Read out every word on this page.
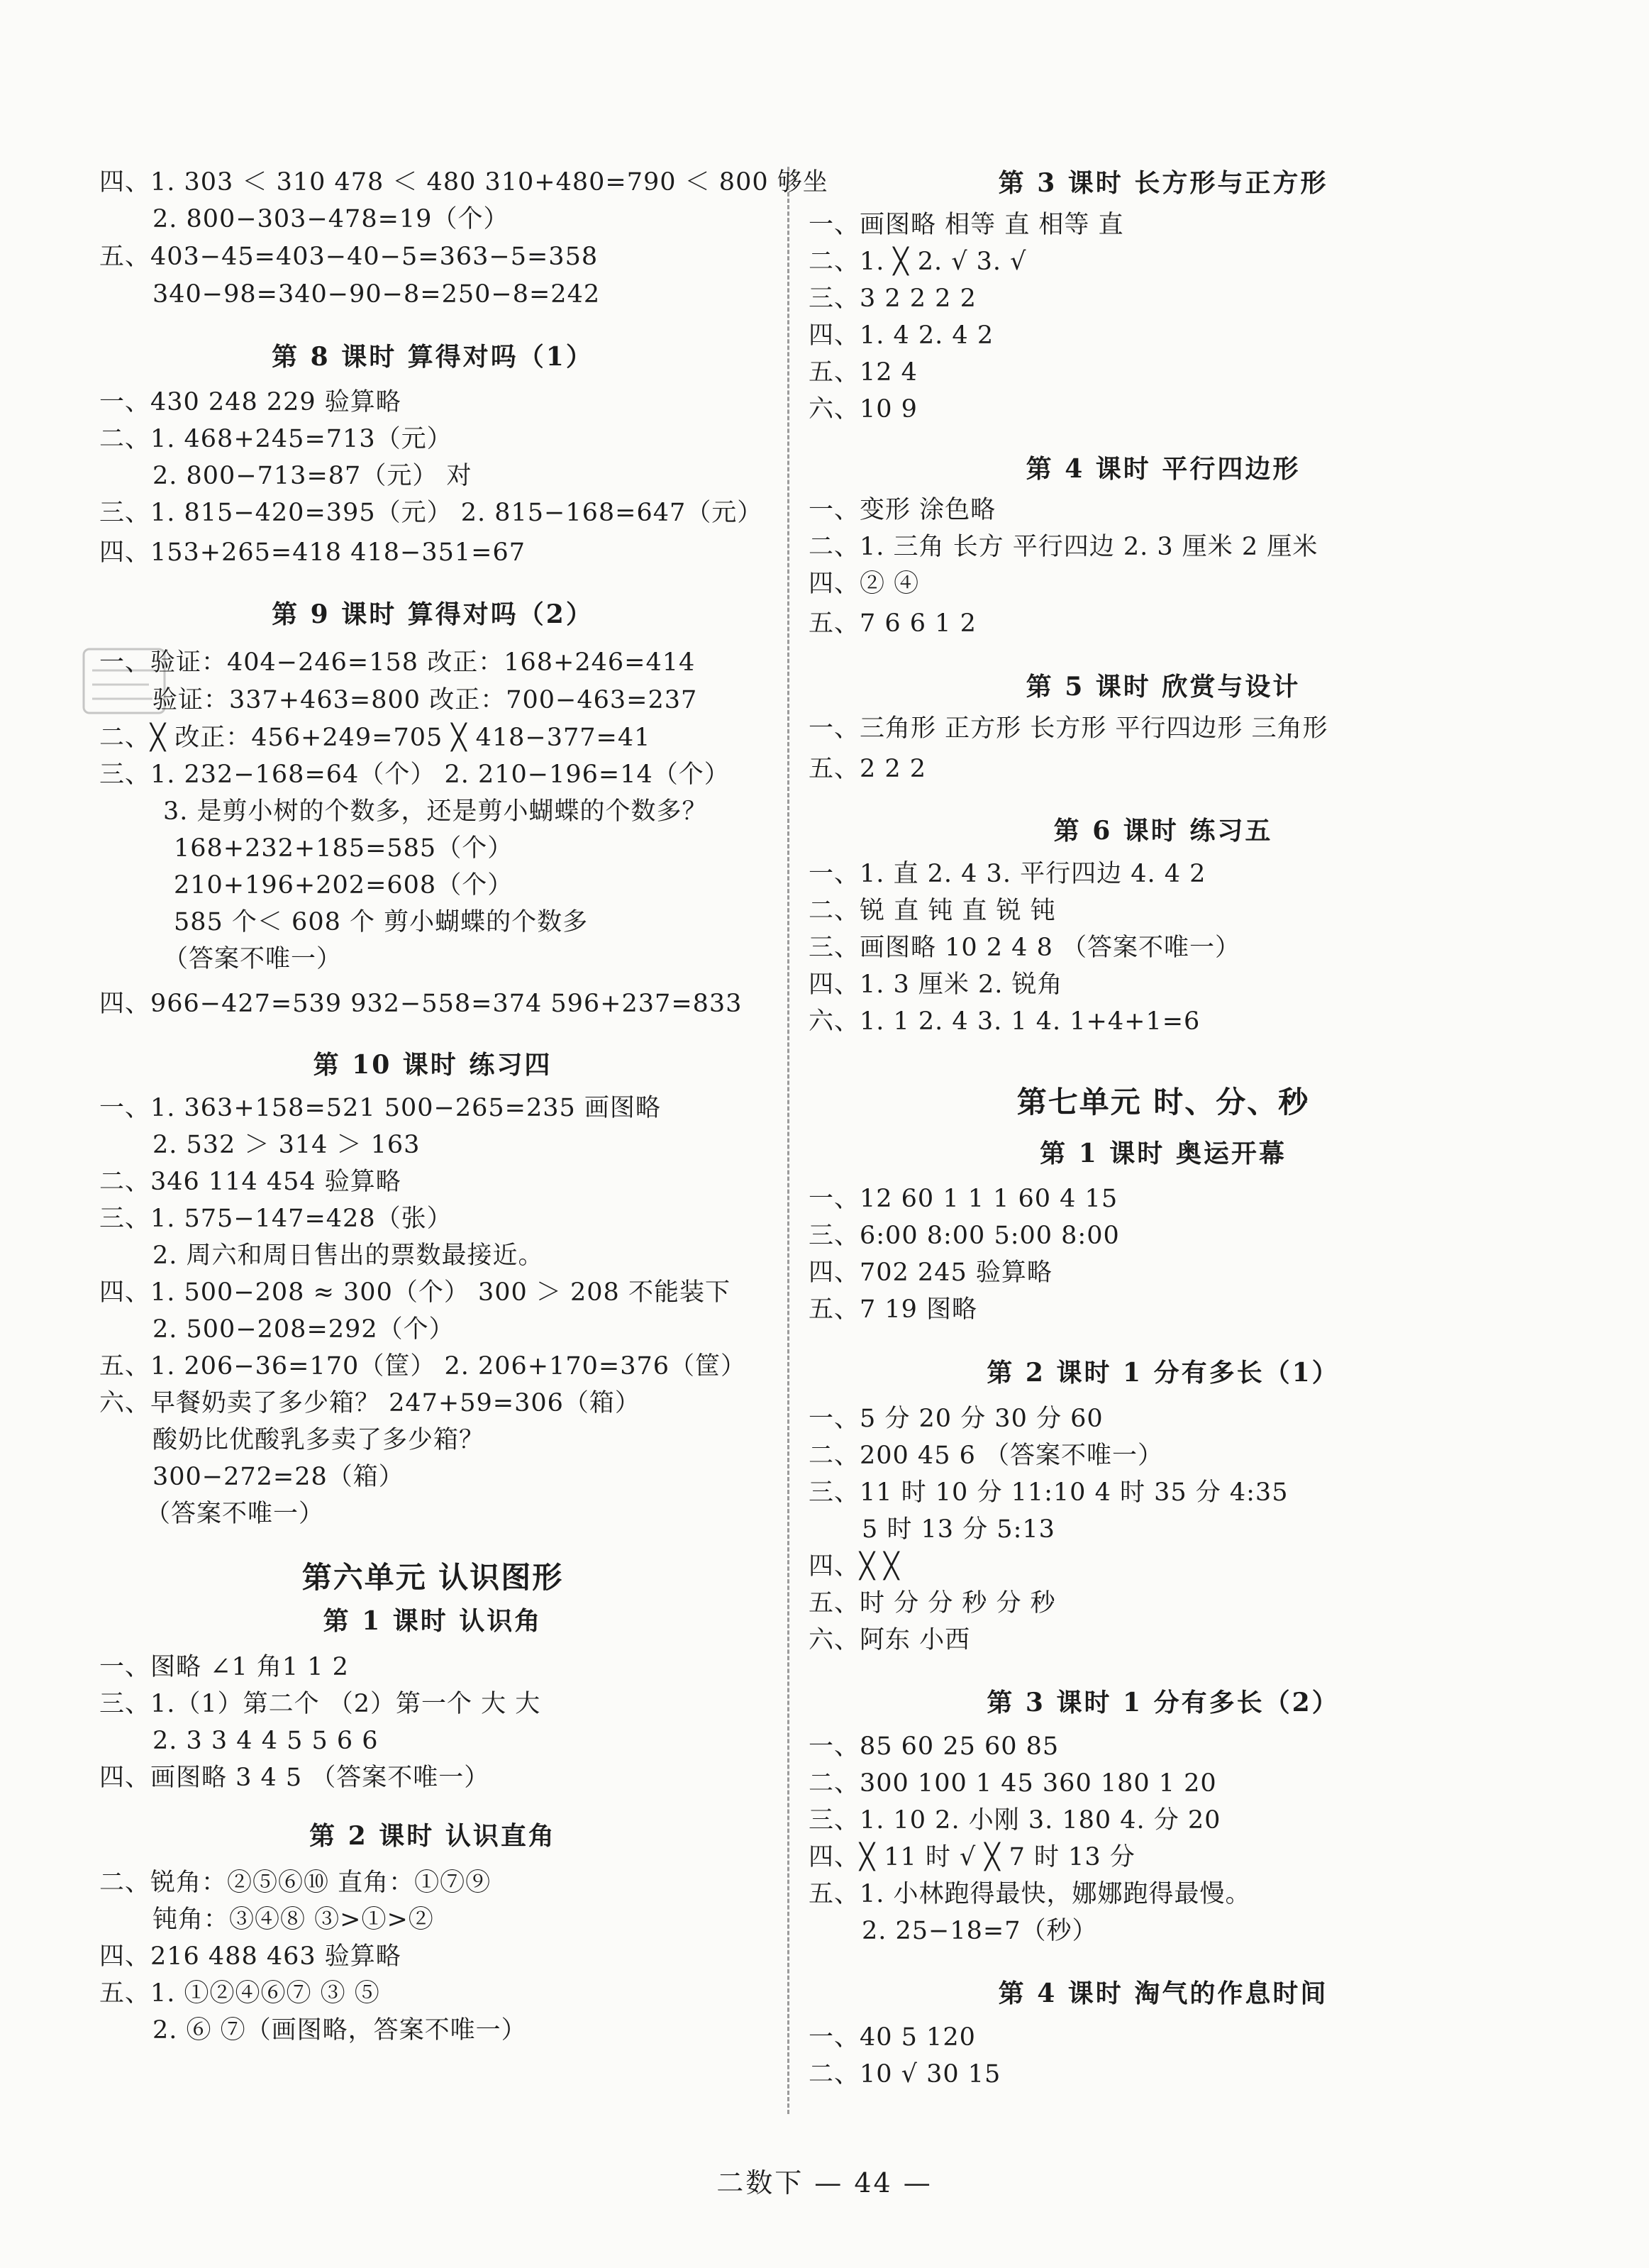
四、1. 303 ＜ 310 478 ＜ 480 310+480=790 ＜ 800 够坐
2. 800−303−478=19（个）
五、403−45=403−40−5=363−5=358
340−98=340−90−8=250−8=242
第 8 课时 算得对吗（1）
一、430 248 229 验算略
二、1. 468+245=713（元）
2. 800−713=87（元） 对
三、1. 815−420=395（元） 2. 815−168=647（元）
四、153+265=418 418−351=67
第 9 课时 算得对吗（2）
一、验证：404−246=158 改正：168+246=414
验证：337+463=800 改正：700−463=237
二、╳ 改正：456+249=705 ╳ 418−377=41
三、1. 232−168=64（个） 2. 210−196=14（个）
3. 是剪小树的个数多，还是剪小蝴蝶的个数多？
168+232+185=585（个）
210+196+202=608（个）
585 个＜ 608 个 剪小蝴蝶的个数多
（答案不唯一）
四、966−427=539 932−558=374 596+237=833
第 10 课时 练习四
一、1. 363+158=521 500−265=235 画图略
2. 532 ＞ 314 ＞ 163
二、346 114 454 验算略
三、1. 575−147=428（张）
2. 周六和周日售出的票数最接近。
四、1. 500−208 ≈ 300（个） 300 ＞ 208 不能装下
2. 500−208=292（个）
五、1. 206−36=170（筐） 2. 206+170=376（筐）
六、早餐奶卖了多少箱？ 247+59=306（箱）
酸奶比优酸乳多卖了多少箱？
300−272=28（箱）
（答案不唯一）
第六单元 认识图形
第 1 课时 认识角
一、图略 ∠1 角1 1 2
三、1.（1）第二个 （2）第一个 大 大
2. 3 3 4 4 5 5 6 6
四、画图略 3 4 5 （答案不唯一）
第 2 课时 认识直角
二、锐角：②⑤⑥⑩ 直角：①⑦⑨
钝角：③④⑧ ③>①>②
四、216 488 463 验算略
五、1. ①②④⑥⑦ ③ ⑤
2. ⑥ ⑦（画图略，答案不唯一）
第 3 课时 长方形与正方形
一、画图略 相等 直 相等 直
二、1. ╳ 2. √ 3. √
三、3 2 2 2 2
四、1. 4 2. 4 2
五、12 4
六、10 9
第 4 课时 平行四边形
一、变形 涂色略
二、1. 三角 长方 平行四边 2. 3 厘米 2 厘米
四、② ④
五、7 6 6 1 2
第 5 课时 欣赏与设计
一、三角形 正方形 长方形 平行四边形 三角形
五、2 2 2
第 6 课时 练习五
一、1. 直 2. 4 3. 平行四边 4. 4 2
二、锐 直 钝 直 锐 钝
三、画图略 10 2 4 8 （答案不唯一）
四、1. 3 厘米 2. 锐角
六、1. 1 2. 4 3. 1 4. 1+4+1=6
第七单元 时、分、秒
第 1 课时 奥运开幕
一、12 60 1 1 1 60 4 15
三、6:00 8:00 5:00 8:00
四、702 245 验算略
五、7 19 图略
第 2 课时 1 分有多长（1）
一、5 分 20 分 30 分 60
二、200 45 6 （答案不唯一）
三、11 时 10 分 11:10 4 时 35 分 4:35
5 时 13 分 5:13
四、╳ ╳
五、时 分 分 秒 分 秒
六、阿东 小西
第 3 课时 1 分有多长（2）
一、85 60 25 60 85
二、300 100 1 45 360 180 1 20
三、1. 10 2. 小刚 3. 180 4. 分 20
四、╳ 11 时 √ ╳ 7 时 13 分
五、1. 小林跑得最快，娜娜跑得最慢。
2. 25−18=7（秒）
第 4 课时 淘气的作息时间
一、40 5 120
二、10 √ 30 15
二数下 — 44 —
